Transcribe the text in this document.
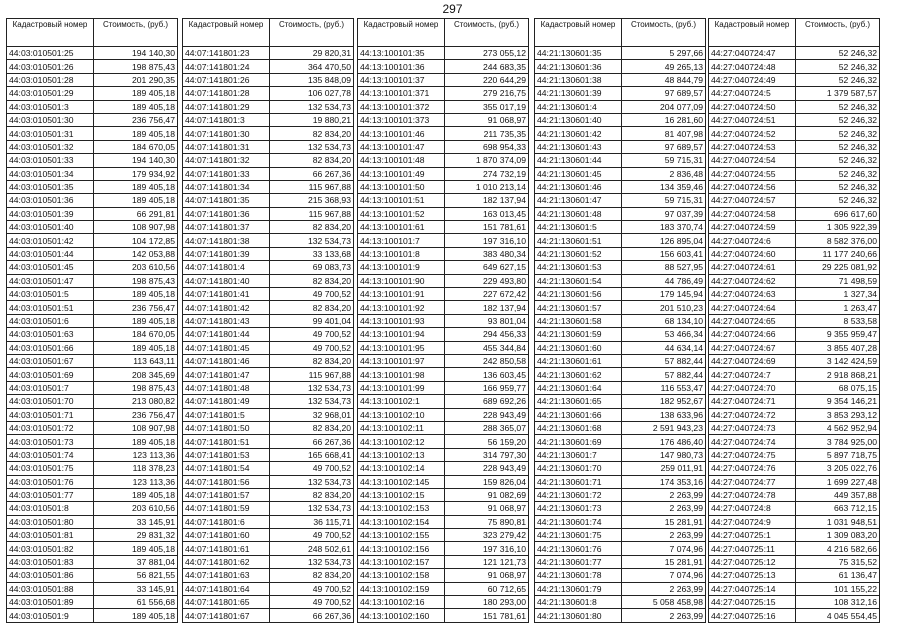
297
Кадастровый номер	Стоимость, (руб.)
44:03:010501:25	194 140,30
44:03:010501:26	198 875,43
44:03:010501:28	201 290,35
44:03:010501:29	189 405,18
44:03:010501:3	189 405,18
44:03:010501:30	236 756,47
44:03:010501:31	189 405,18
44:03:010501:32	184 670,05
44:03:010501:33	194 140,30
44:03:010501:34	179 934,92
44:03:010501:35	189 405,18
44:03:010501:36	189 405,18
44:03:010501:39	66 291,81
44:03:010501:40	108 907,98
44:03:010501:42	104 172,85
44:03:010501:44	142 053,88
44:03:010501:45	203 610,56
44:03:010501:47	198 875,43
44:03:010501:5	189 405,18
44:03:010501:51	236 756,47
44:03:010501:6	189 405,18
44:03:010501:63	184 670,05
44:03:010501:66	189 405,18
44:03:010501:67	113 643,11
44:03:010501:69	208 345,69
44:03:010501:7	198 875,43
44:03:010501:70	213 080,82
44:03:010501:71	236 756,47
44:03:010501:72	108 907,98
44:03:010501:73	189 405,18
44:03:010501:74	123 113,36
44:03:010501:75	118 378,23
44:03:010501:76	123 113,36
44:03:010501:77	189 405,18
44:03:010501:8	203 610,56
44:03:010501:80	33 145,91
44:03:010501:81	29 831,32
44:03:010501:82	189 405,18
44:03:010501:83	37 881,04
44:03:010501:86	56 821,55
44:03:010501:88	33 145,91
44:03:010501:89	61 556,68
44:03:010501:9	189 405,18
Кадастровый номер	Стоимость, (руб.)
44:07:141801:23	29 820,31
44:07:141801:24	364 470,50
44:07:141801:26	135 848,09
44:07:141801:28	106 027,78
44:07:141801:29	132 534,73
44:07:141801:3	19 880,21
44:07:141801:30	82 834,20
44:07:141801:31	132 534,73
44:07:141801:32	82 834,20
44:07:141801:33	66 267,36
44:07:141801:34	115 967,88
44:07:141801:35	215 368,93
44:07:141801:36	115 967,88
44:07:141801:37	82 834,20
44:07:141801:38	132 534,73
44:07:141801:39	33 133,68
44:07:141801:4	69 083,73
44:07:141801:40	82 834,20
44:07:141801:41	49 700,52
44:07:141801:42	82 834,20
44:07:141801:43	99 401,04
44:07:141801:44	49 700,52
44:07:141801:45	49 700,52
44:07:141801:46	82 834,20
44:07:141801:47	115 967,88
44:07:141801:48	132 534,73
44:07:141801:49	132 534,73
44:07:141801:5	32 968,01
44:07:141801:50	82 834,20
44:07:141801:51	66 267,36
44:07:141801:53	165 668,41
44:07:141801:54	49 700,52
44:07:141801:56	132 534,73
44:07:141801:57	82 834,20
44:07:141801:59	132 534,73
44:07:141801:6	36 115,71
44:07:141801:60	49 700,52
44:07:141801:61	248 502,61
44:07:141801:62	132 534,73
44:07:141801:63	82 834,20
44:07:141801:64	49 700,52
44:07:141801:65	49 700,52
44:07:141801:67	66 267,36
Кадастровый номер	Стоимость, (руб.)
44:13:100101:35	273 055,12
44:13:100101:36	244 683,35
44:13:100101:37	220 644,29
44:13:100101:371	279 216,75
44:13:100101:372	355 017,19
44:13:100101:373	91 068,97
44:13:100101:46	211 735,35
44:13:100101:47	698 954,33
44:13:100101:48	1 870 374,09
44:13:100101:49	274 732,19
44:13:100101:50	1 010 213,14
44:13:100101:51	182 137,94
44:13:100101:52	163 013,45
44:13:100101:61	151 781,61
44:13:100101:7	197 316,10
44:13:100101:8	383 480,34
44:13:100101:9	649 627,15
44:13:100101:90	229 493,80
44:13:100101:91	227 672,42
44:13:100101:92	182 137,94
44:13:100101:93	93 801,04
44:13:100101:94	294 456,33
44:13:100101:95	455 344,84
44:13:100101:97	242 850,58
44:13:100101:98	136 603,45
44:13:100101:99	166 959,77
44:13:100102:1	689 692,26
44:13:100102:10	228 943,49
44:13:100102:11	288 365,07
44:13:100102:12	56 159,20
44:13:100102:13	314 797,30
44:13:100102:14	228 943,49
44:13:100102:145	159 826,04
44:13:100102:15	91 082,69
44:13:100102:153	91 068,97
44:13:100102:154	75 890,81
44:13:100102:155	323 279,42
44:13:100102:156	197 316,10
44:13:100102:157	121 121,73
44:13:100102:158	91 068,97
44:13:100102:159	60 712,65
44:13:100102:16	180 293,00
44:13:100102:160	151 781,61
Кадастровый номер	Стоимость, (руб.)
44:21:130601:35	5 297,66
44:21:130601:36	49 265,13
44:21:130601:38	48 844,79
44:21:130601:39	97 689,57
44:21:130601:4	204 077,09
44:21:130601:40	16 281,60
44:21:130601:42	81 407,98
44:21:130601:43	97 689,57
44:21:130601:44	59 715,31
44:21:130601:45	2 836,48
44:21:130601:46	134 359,46
44:21:130601:47	59 715,31
44:21:130601:48	97 037,39
44:21:130601:5	183 370,74
44:21:130601:51	126 895,04
44:21:130601:52	156 603,41
44:21:130601:53	88 527,95
44:21:130601:54	44 786,49
44:21:130601:56	179 145,94
44:21:130601:57	201 510,23
44:21:130601:58	68 134,10
44:21:130601:59	53 466,34
44:21:130601:60	44 634,14
44:21:130601:61	57 882,44
44:21:130601:62	57 882,44
44:21:130601:64	116 553,47
44:21:130601:65	182 952,67
44:21:130601:66	138 633,96
44:21:130601:68	2 591 943,23
44:21:130601:69	176 486,40
44:21:130601:7	147 980,73
44:21:130601:70	259 011,91
44:21:130601:71	174 353,16
44:21:130601:72	2 263,99
44:21:130601:73	2 263,99
44:21:130601:74	15 281,91
44:21:130601:75	2 263,99
44:21:130601:76	7 074,96
44:21:130601:77	15 281,91
44:21:130601:78	7 074,96
44:21:130601:79	2 263,99
44:21:130601:8	5 058 458,98
44:21:130601:80	2 263,99
Кадастровый номер	Стоимость, (руб.)
44:27:040724:47	52 246,32
44:27:040724:48	52 246,32
44:27:040724:49	52 246,32
44:27:040724:5	1 379 587,57
44:27:040724:50	52 246,32
44:27:040724:51	52 246,32
44:27:040724:52	52 246,32
44:27:040724:53	52 246,32
44:27:040724:54	52 246,32
44:27:040724:55	52 246,32
44:27:040724:56	52 246,32
44:27:040724:57	52 246,32
44:27:040724:58	696 617,60
44:27:040724:59	1 305 922,39
44:27:040724:6	8 582 376,00
44:27:040724:60	11 177 240,66
44:27:040724:61	29 225 081,92
44:27:040724:62	71 498,59
44:27:040724:63	1 327,34
44:27:040724:64	1 263,47
44:27:040724:65	8 533,58
44:27:040724:66	9 355 959,47
44:27:040724:67	3 855 407,28
44:27:040724:69	3 142 424,59
44:27:040724:7	2 918 868,21
44:27:040724:70	68 075,15
44:27:040724:71	9 354 146,21
44:27:040724:72	3 853 293,12
44:27:040724:73	4 562 952,94
44:27:040724:74	3 784 925,00
44:27:040724:75	5 897 718,75
44:27:040724:76	3 205 022,76
44:27:040724:77	1 699 227,48
44:27:040724:78	449 357,88
44:27:040724:8	663 712,15
44:27:040724:9	1 031 948,51
44:27:040725:1	1 309 083,20
44:27:040725:11	4 216 582,66
44:27:040725:12	75 315,52
44:27:040725:13	61 136,47
44:27:040725:14	101 155,22
44:27:040725:15	108 312,16
44:27:040725:16	4 045 554,45
